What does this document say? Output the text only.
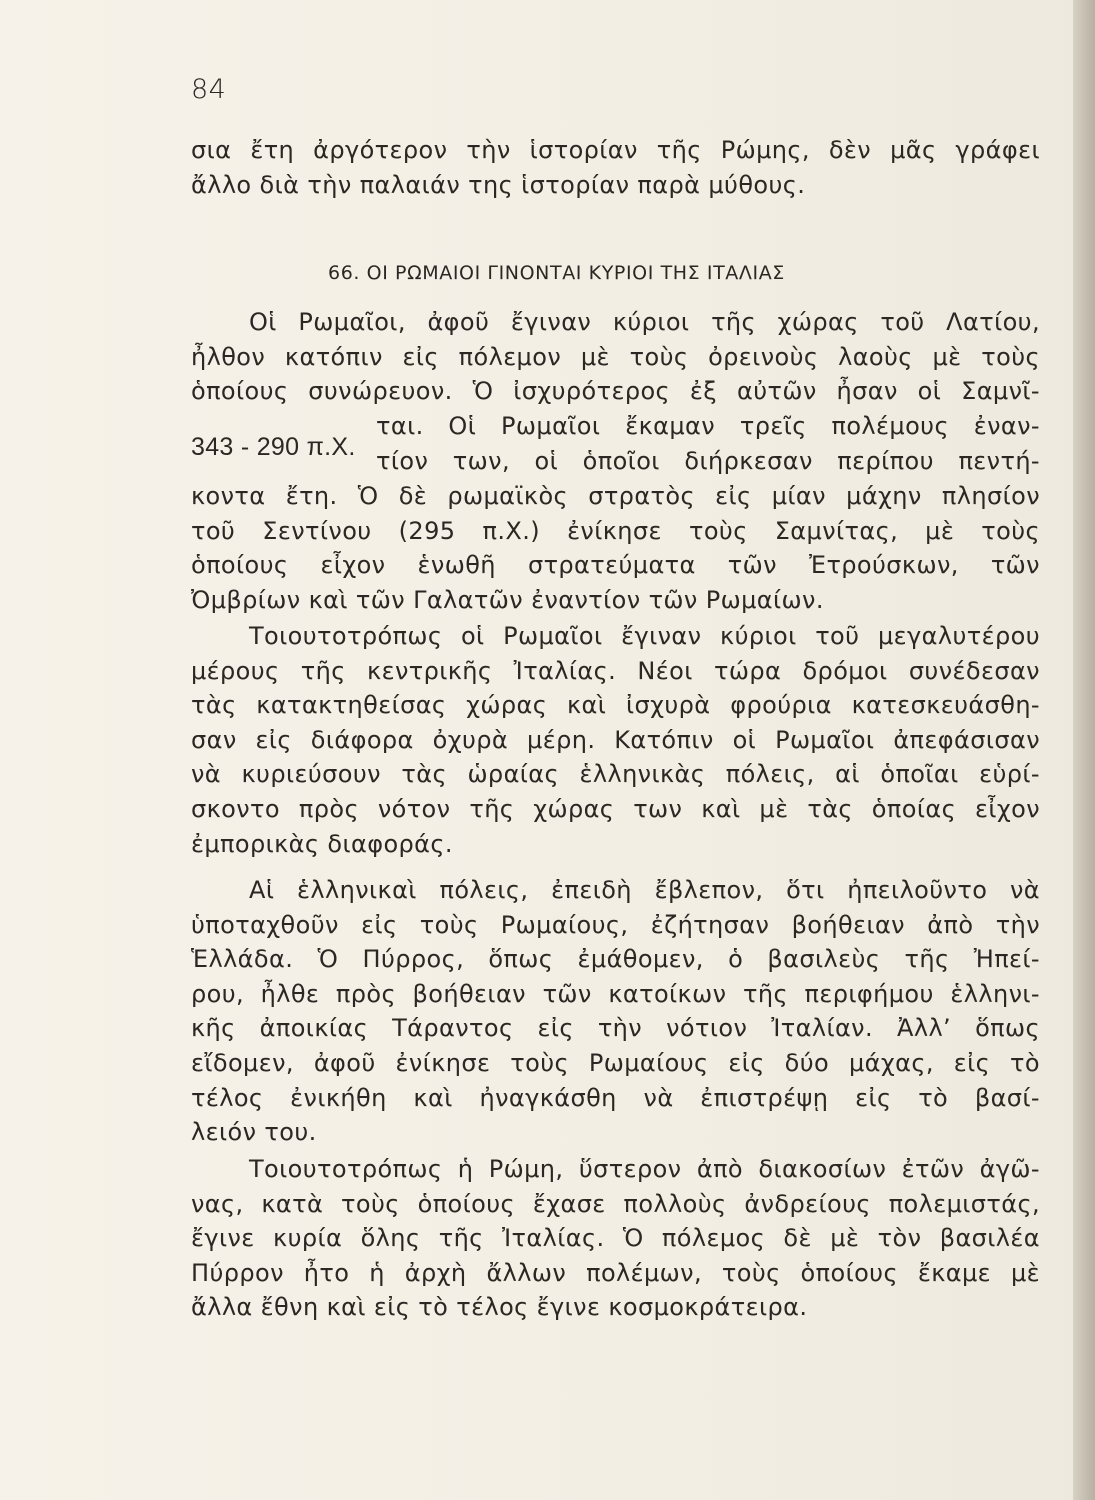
84
σια ἔτη ἀργότερον τὴν ἱστορίαν τῆς Ρώμης, δὲν μᾶς γράφει
ἄλλο διὰ τὴν παλαιάν της ἱστορίαν παρὰ μύθους.
66. ΟΙ ΡΩΜΑΙΟΙ ΓΙΝΟΝΤΑΙ ΚΥΡΙΟΙ ΤΗΣ ΙΤΑΛΙΑΣ
Οἱ Ρωμαῖοι, ἀφοῦ ἔγιναν κύριοι τῆς χώρας τοῦ Λατίου,
ἦλθον κατόπιν εἰς πόλεμον μὲ τοὺς ὀρεινοὺς λαοὺς μὲ τοὺς
ὁποίους συνώρευον. Ὁ ἰσχυρότερος ἐξ αὐτῶν ἦσαν οἱ Σαμνῖ-
343 - 290 π.Χ.
ται. Οἱ Ρωμαῖοι ἔκαμαν τρεῖς πολέμους ἐναν-
τίον των, οἱ ὁποῖοι διήρκεσαν περίπου πεντή-
κοντα ἔτη. Ὁ δὲ ρωμαϊκὸς στρατὸς εἰς μίαν μάχην πλησίον
τοῦ Σεντίνου (295 π.Χ.) ἐνίκησε τοὺς Σαμνίτας, μὲ τοὺς
ὁποίους εἶχον ἑνωθῆ στρατεύματα τῶν Ἐτρούσκων, τῶν
Ὀμβρίων καὶ τῶν Γαλατῶν ἐναντίον τῶν Ρωμαίων.
Τοιουτοτρόπως οἱ Ρωμαῖοι ἔγιναν κύριοι τοῦ μεγαλυτέρου
μέρους τῆς κεντρικῆς Ἰταλίας. Νέοι τώρα δρόμοι συνέδεσαν
τὰς κατακτηθείσας χώρας καὶ ἰσχυρὰ φρούρια κατεσκευάσθη-
σαν εἰς διάφορα ὀχυρὰ μέρη. Κατόπιν οἱ Ρωμαῖοι ἀπεφάσισαν
νὰ κυριεύσουν τὰς ὡραίας ἑλληνικὰς πόλεις, αἱ ὁποῖαι εὑρί-
σκοντο πρὸς νότον τῆς χώρας των καὶ μὲ τὰς ὁποίας εἶχον
ἐμπορικὰς διαφοράς.
Αἱ ἑλληνικαὶ πόλεις, ἐπειδὴ ἔβλεπον, ὅτι ἠπειλοῦντο νὰ
ὑποταχθοῦν εἰς τοὺς Ρωμαίους, ἐζήτησαν βοήθειαν ἀπὸ τὴν
Ἑλλάδα. Ὁ Πύρρος, ὅπως ἐμάθομεν, ὁ βασιλεὺς τῆς Ἠπεί-
ρου, ἦλθε πρὸς βοήθειαν τῶν κατοίκων τῆς περιφήμου ἑλληνι-
κῆς ἀποικίας Τάραντος εἰς τὴν νότιον Ἰταλίαν. Ἀλλ’ ὅπως
εἴδομεν, ἀφοῦ ἐνίκησε τοὺς Ρωμαίους εἰς δύο μάχας, εἰς τὸ
τέλος ἐνικήθη καὶ ἠναγκάσθη νὰ ἐπιστρέψῃ εἰς τὸ βασί-
λειόν του.
Τοιουτοτρόπως ἡ Ρώμη, ὕστερον ἀπὸ διακοσίων ἐτῶν ἀγῶ-
νας, κατὰ τοὺς ὁποίους ἔχασε πολλοὺς ἀνδρείους πολεμιστάς,
ἔγινε κυρία ὅλης τῆς Ἰταλίας. Ὁ πόλεμος δὲ μὲ τὸν βασιλέα
Πύρρον ἦτο ἡ ἀρχὴ ἄλλων πολέμων, τοὺς ὁποίους ἔκαμε μὲ
ἄλλα ἔθνη καὶ εἰς τὸ τέλος ἔγινε κοσμοκράτειρα.
